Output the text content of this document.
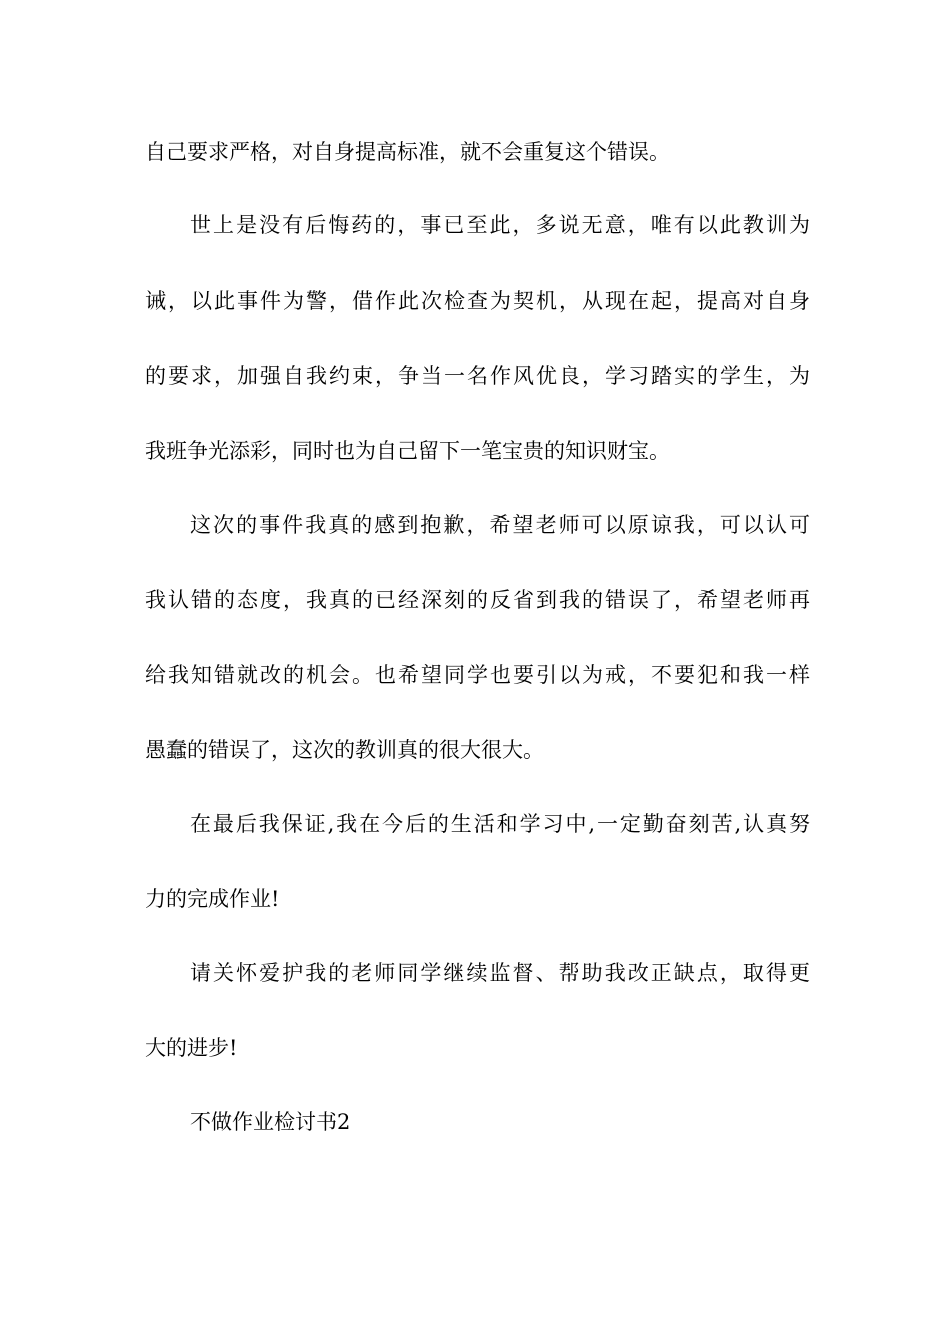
自己要求严格，对自身提高标准，就不会重复这个错误。
世上是没有后悔药的，事已至此，多说无意，唯有以此教训为
诫，以此事件为警，借作此次检查为契机，从现在起，提高对自身
的要求，加强自我约束，争当一名作风优良，学习踏实的学生，为
我班争光添彩，同时也为自己留下一笔宝贵的知识财宝。
这次的事件我真的感到抱歉，希望老师可以原谅我，可以认可
我认错的态度，我真的已经深刻的反省到我的错误了，希望老师再
给我知错就改的机会。也希望同学也要引以为戒，不要犯和我一样
愚蠢的错误了，这次的教训真的很大很大。
在最后我保证,我在今后的生活和学习中,一定勤奋刻苦,认真努
力的完成作业!
请关怀爱护我的老师同学继续监督、帮助我改正缺点，取得更
大的进步!
不做作业检讨书2
